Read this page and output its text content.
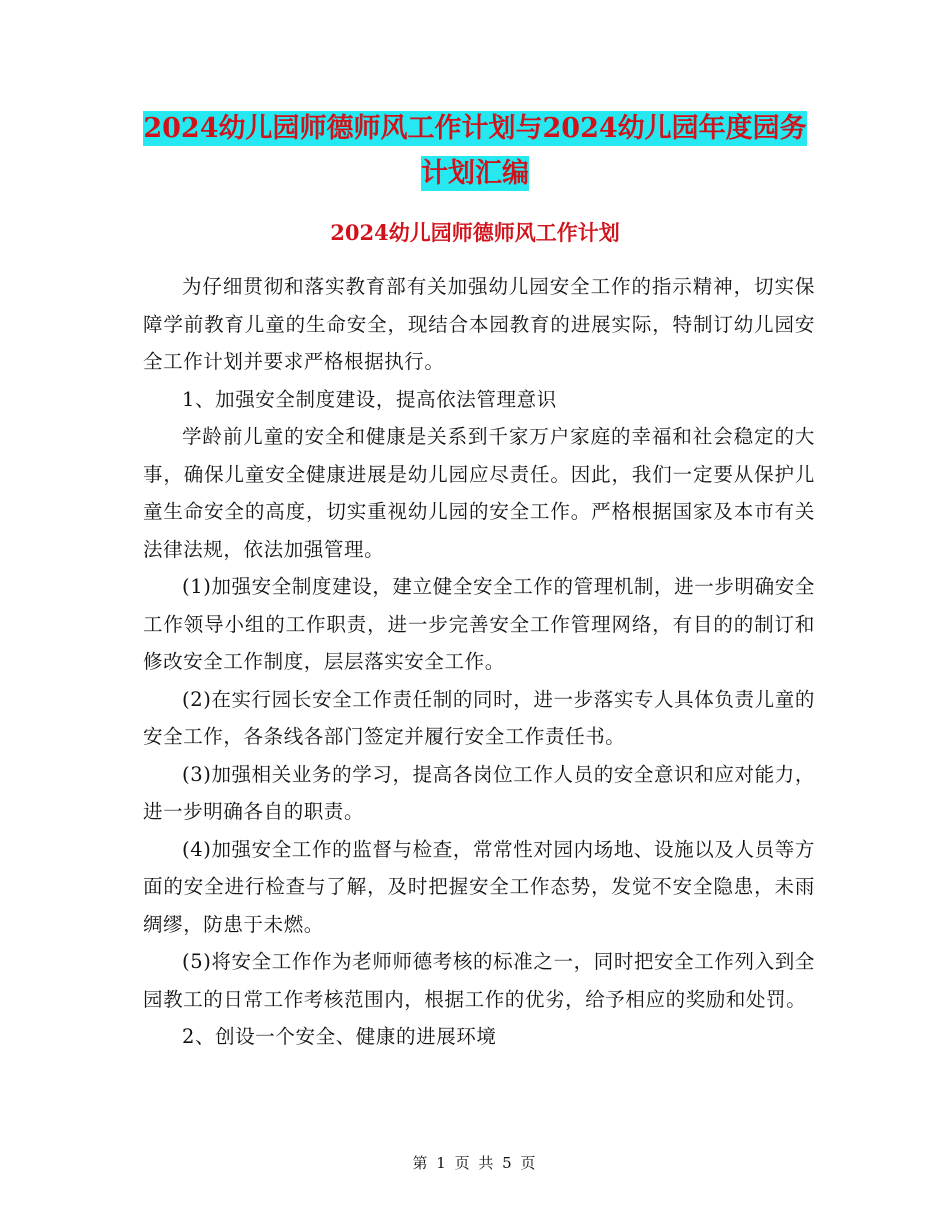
2024幼儿园师德师风工作计划与2024幼儿园年度园务
计划汇编
2024幼儿园师德师风工作计划

为仔细贯彻和落实教育部有关加强幼儿园安全工作的指示精神，切实保障学前教育儿童的生命安全，现结合本园教育的进展实际，特制订幼儿园安全工作计划并要求严格根据执行。

1、加强安全制度建设，提高依法管理意识

学龄前儿童的安全和健康是关系到千家万户家庭的幸福和社会稳定的大事，确保儿童安全健康进展是幼儿园应尽责任。因此，我们一定要从保护儿童生命安全的高度，切实重视幼儿园的安全工作。严格根据国家及本市有关法律法规，依法加强管理。

(1)加强安全制度建设，建立健全安全工作的管理机制，进一步明确安全工作领导小组的工作职责，进一步完善安全工作管理网络，有目的的制订和修改安全工作制度，层层落实安全工作。

(2)在实行园长安全工作责任制的同时，进一步落实专人具体负责儿童的安全工作，各条线各部门签定并履行安全工作责任书。

(3)加强相关业务的学习，提高各岗位工作人员的安全意识和应对能力，进一步明确各自的职责。

(4)加强安全工作的监督与检查，常常性对园内场地、设施以及人员等方面的安全进行检查与了解，及时把握安全工作态势，发觉不安全隐患，未雨绸缪，防患于未燃。

(5)将安全工作作为老师师德考核的标准之一，同时把安全工作列入到全园教工的日常工作考核范围内，根据工作的优劣，给予相应的奖励和处罚。

2、创设一个安全、健康的进展环境

第 1 页 共 5 页
